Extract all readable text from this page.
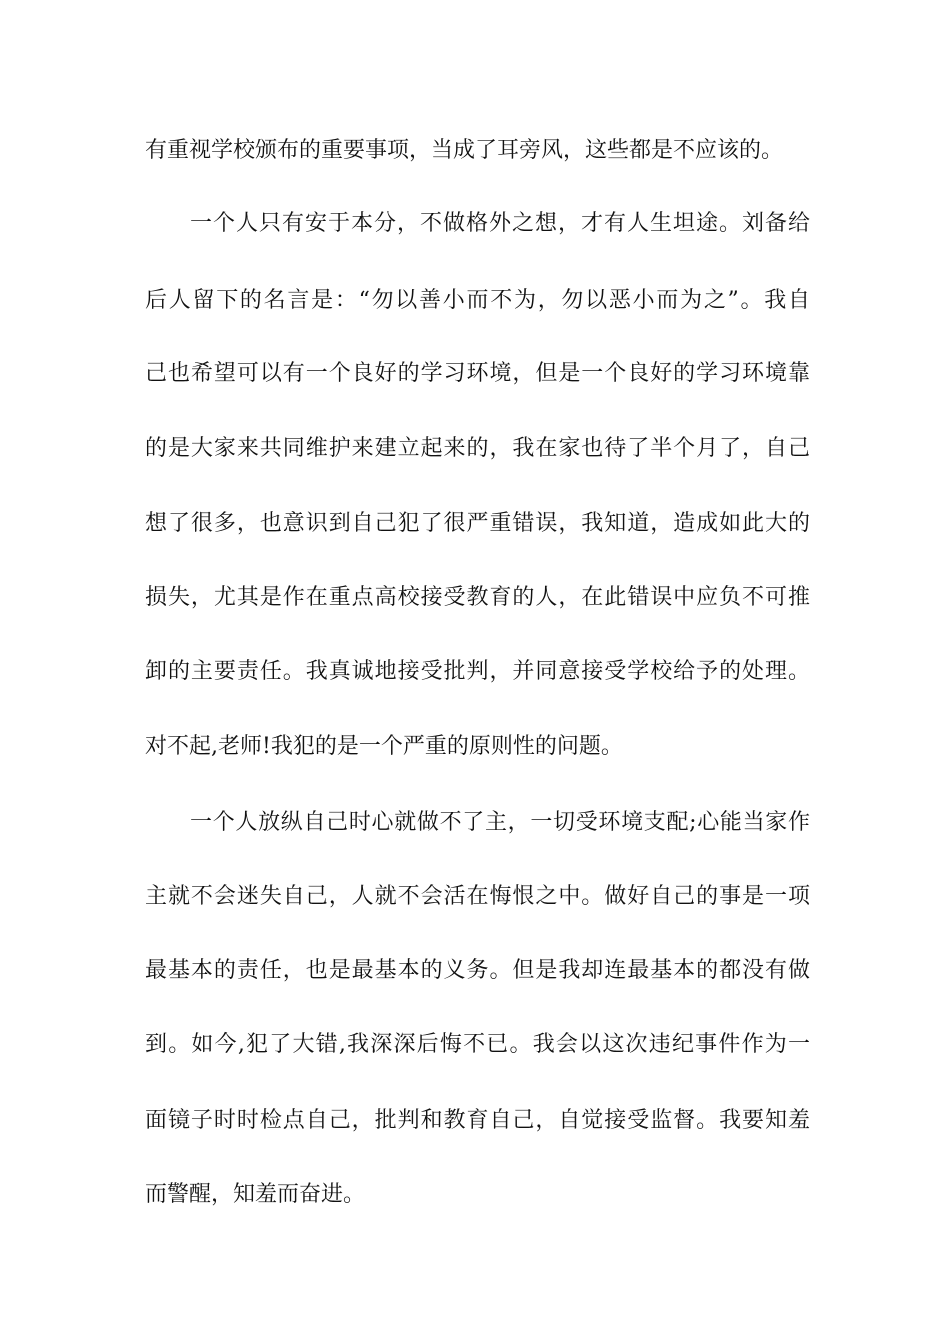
有重视学校颁布的重要事项，当成了耳旁风，这些都是不应该的。
一个人只有安于本分，不做格外之想，才有人生坦途。刘备给
后人留下的名言是：“勿以善小而不为，勿以恶小而为之”。我自
己也希望可以有一个良好的学习环境，但是一个良好的学习环境靠
的是大家来共同维护来建立起来的，我在家也待了半个月了，自己
想了很多，也意识到自己犯了很严重错误，我知道，造成如此大的
损失，尤其是作在重点高校接受教育的人，在此错误中应负不可推
卸的主要责任。我真诚地接受批判，并同意接受学校给予的处理。
对不起,老师!我犯的是一个严重的原则性的问题。
一个人放纵自己时心就做不了主，一切受环境支配;心能当家作
主就不会迷失自己，人就不会活在悔恨之中。做好自己的事是一项
最基本的责任，也是最基本的义务。但是我却连最基本的都没有做
到。如今,犯了大错,我深深后悔不已。我会以这次违纪事件作为一
面镜子时时检点自己，批判和教育自己，自觉接受监督。我要知羞
而警醒，知羞而奋进。
